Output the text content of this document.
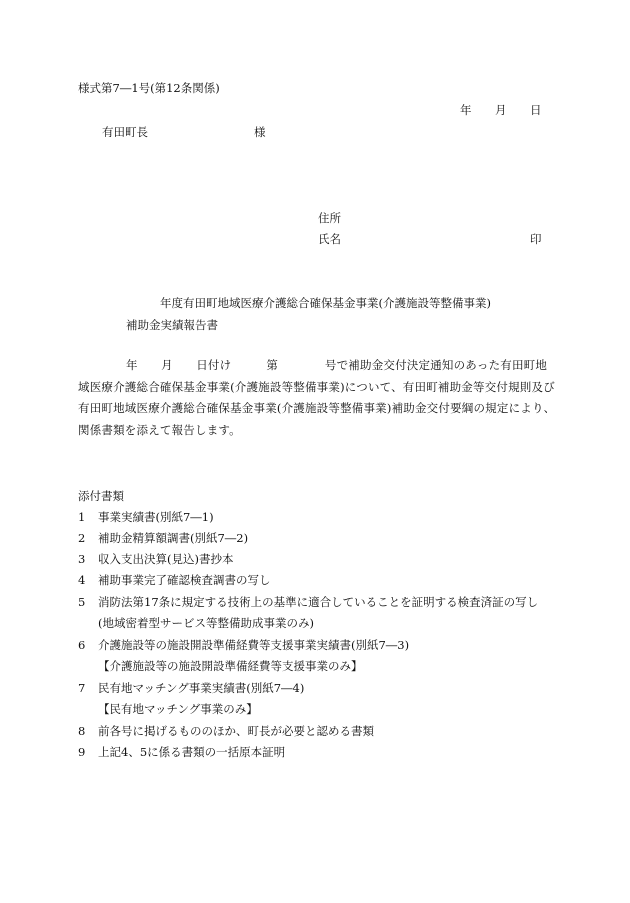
様式第7―1号(第12条関係)
年 月 日
有田町長	様
住所
氏名	印
年度有田町地域医療介護総合確保基金事業(介護施設等整備事業)
補助金実績報告書
年　　月　　日付け　　　第　　　　号で補助金交付決定通知のあった有田町地域医療介護総合確保基金事業(介護施設等整備事業)について、有田町補助金等交付規則及び有田町地域医療介護総合確保基金事業(介護施設等整備事業)補助金交付要綱の規定により、関係書類を添えて報告します。
添付書類
1 事業実績書(別紙7―1)
2 補助金精算額調書(別紙7―2)
3 収入支出決算(見込)書抄本
4 補助事業完了確認検査調書の写し
5 消防法第17条に規定する技術上の基準に適合していることを証明する検査済証の写し
(地域密着型サービス等整備助成事業のみ)
6 介護施設等の施設開設準備経費等支援事業実績書(別紙7―3)
【介護施設等の施設開設準備経費等支援事業のみ】
7 民有地マッチング事業実績書(別紙7―4)
【民有地マッチング事業のみ】
8 前各号に掲げるもののほか、町長が必要と認める書類
9 上記4、5に係る書類の一括原本証明
